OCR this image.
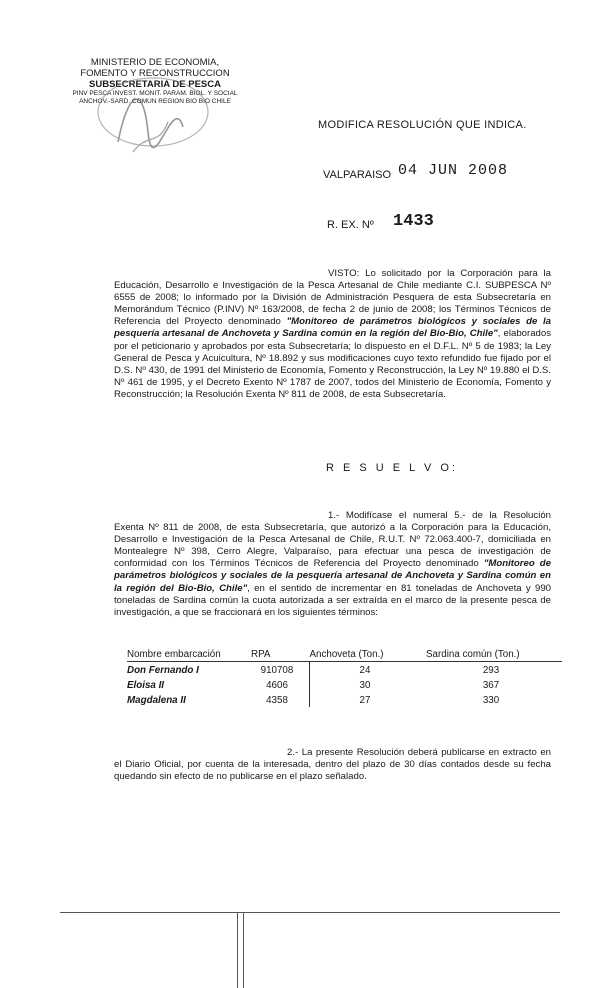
MINISTERIO DE ECONOMIA,
FOMENTO Y RECONSTRUCCION
SUBSECRETARIA DE PESCA
PINV PESCA INVEST. MONIT. PARAM. BIOL. Y SOCIAL
ANCHOV.-SARD. COMUN REGION BIO BIO CHILE
MODIFICA RESOLUCIÓN QUE INDICA.
VALPARAISO 04 JUN 2008
R. EX. Nº 1433
VISTO: Lo solicitado por la Corporación para la Educación, Desarrollo e Investigación de la Pesca Artesanal de Chile mediante C.I. SUBPESCA Nº 6555 de 2008; lo informado por la División de Administración Pesquera de esta Subsecretaría en Memorándum Técnico (P.INV) Nº 163/2008, de fecha 2 de junio de 2008; los Términos Técnicos de Referencia del Proyecto denominado "Monitoreo de parámetros biológicos y sociales de la pesquería artesanal de Anchoveta y Sardina común en la región del Bio-Bio, Chile", elaborados por el peticionario y aprobados por esta Subsecretaría; lo dispuesto en el D.F.L. Nº 5 de 1983; la Ley General de Pesca y Acuicultura, Nº 18.892 y sus modificaciones cuyo texto refundido fue fijado por el D.S. Nº 430, de 1991 del Ministerio de Economía, Fomento y Reconstrucción, la Ley Nº 19.880 el D.S. Nº 461 de 1995, y el Decreto Exento Nº 1787 de 2007, todos del Ministerio de Economía, Fomento y Reconstrucción; la Resolución Exenta Nº 811 de 2008, de esta Subsecretaría.
R E S U E L V O:
1.- Modifícase el numeral 5.- de la Resolución Exenta Nº 811 de 2008, de esta Subsecretaría, que autorizó a la Corporación para la Educación, Desarrollo e Investigación de la Pesca Artesanal de Chile, R.U.T. Nº 72.063.400-7, domiciliada en Montealegre Nº 398, Cerro Alegre, Valparaíso, para efectuar una pesca de investigación de conformidad con los Términos Técnicos de Referencia del Proyecto denominado "Monitoreo de parámetros biológicos y sociales de la pesquería artesanal de Anchoveta y Sardina común en la región del Bio-Bio, Chile", en el sentido de incrementar en 81 toneladas de Anchoveta y 990 toneladas de Sardina común la cuota autorizada a ser extraída en el marco de la presente pesca de investigación, a que se fraccionará en los siguientes términos:
Nombre embarcación	RPA	Anchoveta (Ton.)	Sardina común (Ton.)
Don Fernando I	910708	24	293
Eloisa II	4606	30	367
Magdalena II	4358	27	330
2.- La presente Resolución deberá publicarse en extracto en el Diario Oficial, por cuenta de la interesada, dentro del plazo de 30 días contados desde su fecha quedando sin efecto de no publicarse en el plazo señalado.
